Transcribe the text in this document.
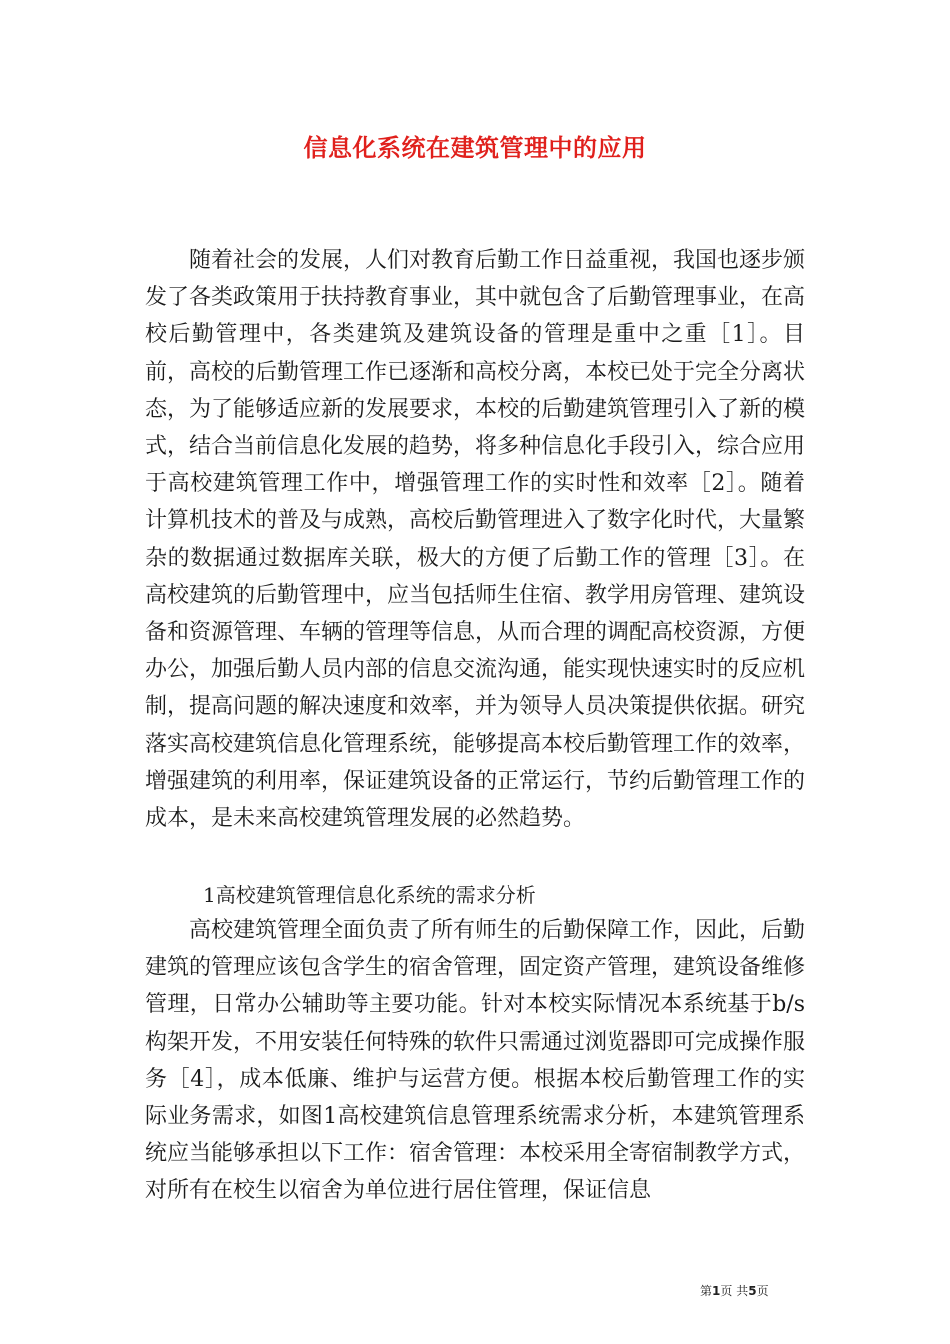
信息化系统在建筑管理中的应用

随着社会的发展，人们对教育后勤工作日益重视，我国也逐步颁发了各类政策用于扶持教育事业，其中就包含了后勤管理事业，在高校后勤管理中，各类建筑及建筑设备的管理是重中之重［1］。目前，高校的后勤管理工作已逐渐和高校分离，本校已处于完全分离状态，为了能够适应新的发展要求，本校的后勤建筑管理引入了新的模式，结合当前信息化发展的趋势，将多种信息化手段引入，综合应用于高校建筑管理工作中，增强管理工作的实时性和效率［2］。随着计算机技术的普及与成熟，高校后勤管理进入了数字化时代，大量繁杂的数据通过数据库关联，极大的方便了后勤工作的管理［3］。在高校建筑的后勤管理中，应当包括师生住宿、教学用房管理、建筑设备和资源管理、车辆的管理等信息，从而合理的调配高校资源，方便办公，加强后勤人员内部的信息交流沟通，能实现快速实时的反应机制，提高问题的解决速度和效率，并为领导人员决策提供依据。研究落实高校建筑信息化管理系统，能够提高本校后勤管理工作的效率，增强建筑的利用率，保证建筑设备的正常运行，节约后勤管理工作的成本，是未来高校建筑管理发展的必然趋势。

1高校建筑管理信息化系统的需求分析

高校建筑管理全面负责了所有师生的后勤保障工作，因此，后勤建筑的管理应该包含学生的宿舍管理，固定资产管理，建筑设备维修管理，日常办公辅助等主要功能。针对本校实际情况本系统基于b/s构架开发，不用安装任何特殊的软件只需通过浏览器即可完成操作服务［4］，成本低廉、维护与运营方便。根据本校后勤管理工作的实际业务需求，如图1高校建筑信息管理系统需求分析，本建筑管理系统应当能够承担以下工作：宿舍管理：本校采用全寄宿制教学方式，对所有在校生以宿舍为单位进行居住管理，保证信息

第1页 共5页
